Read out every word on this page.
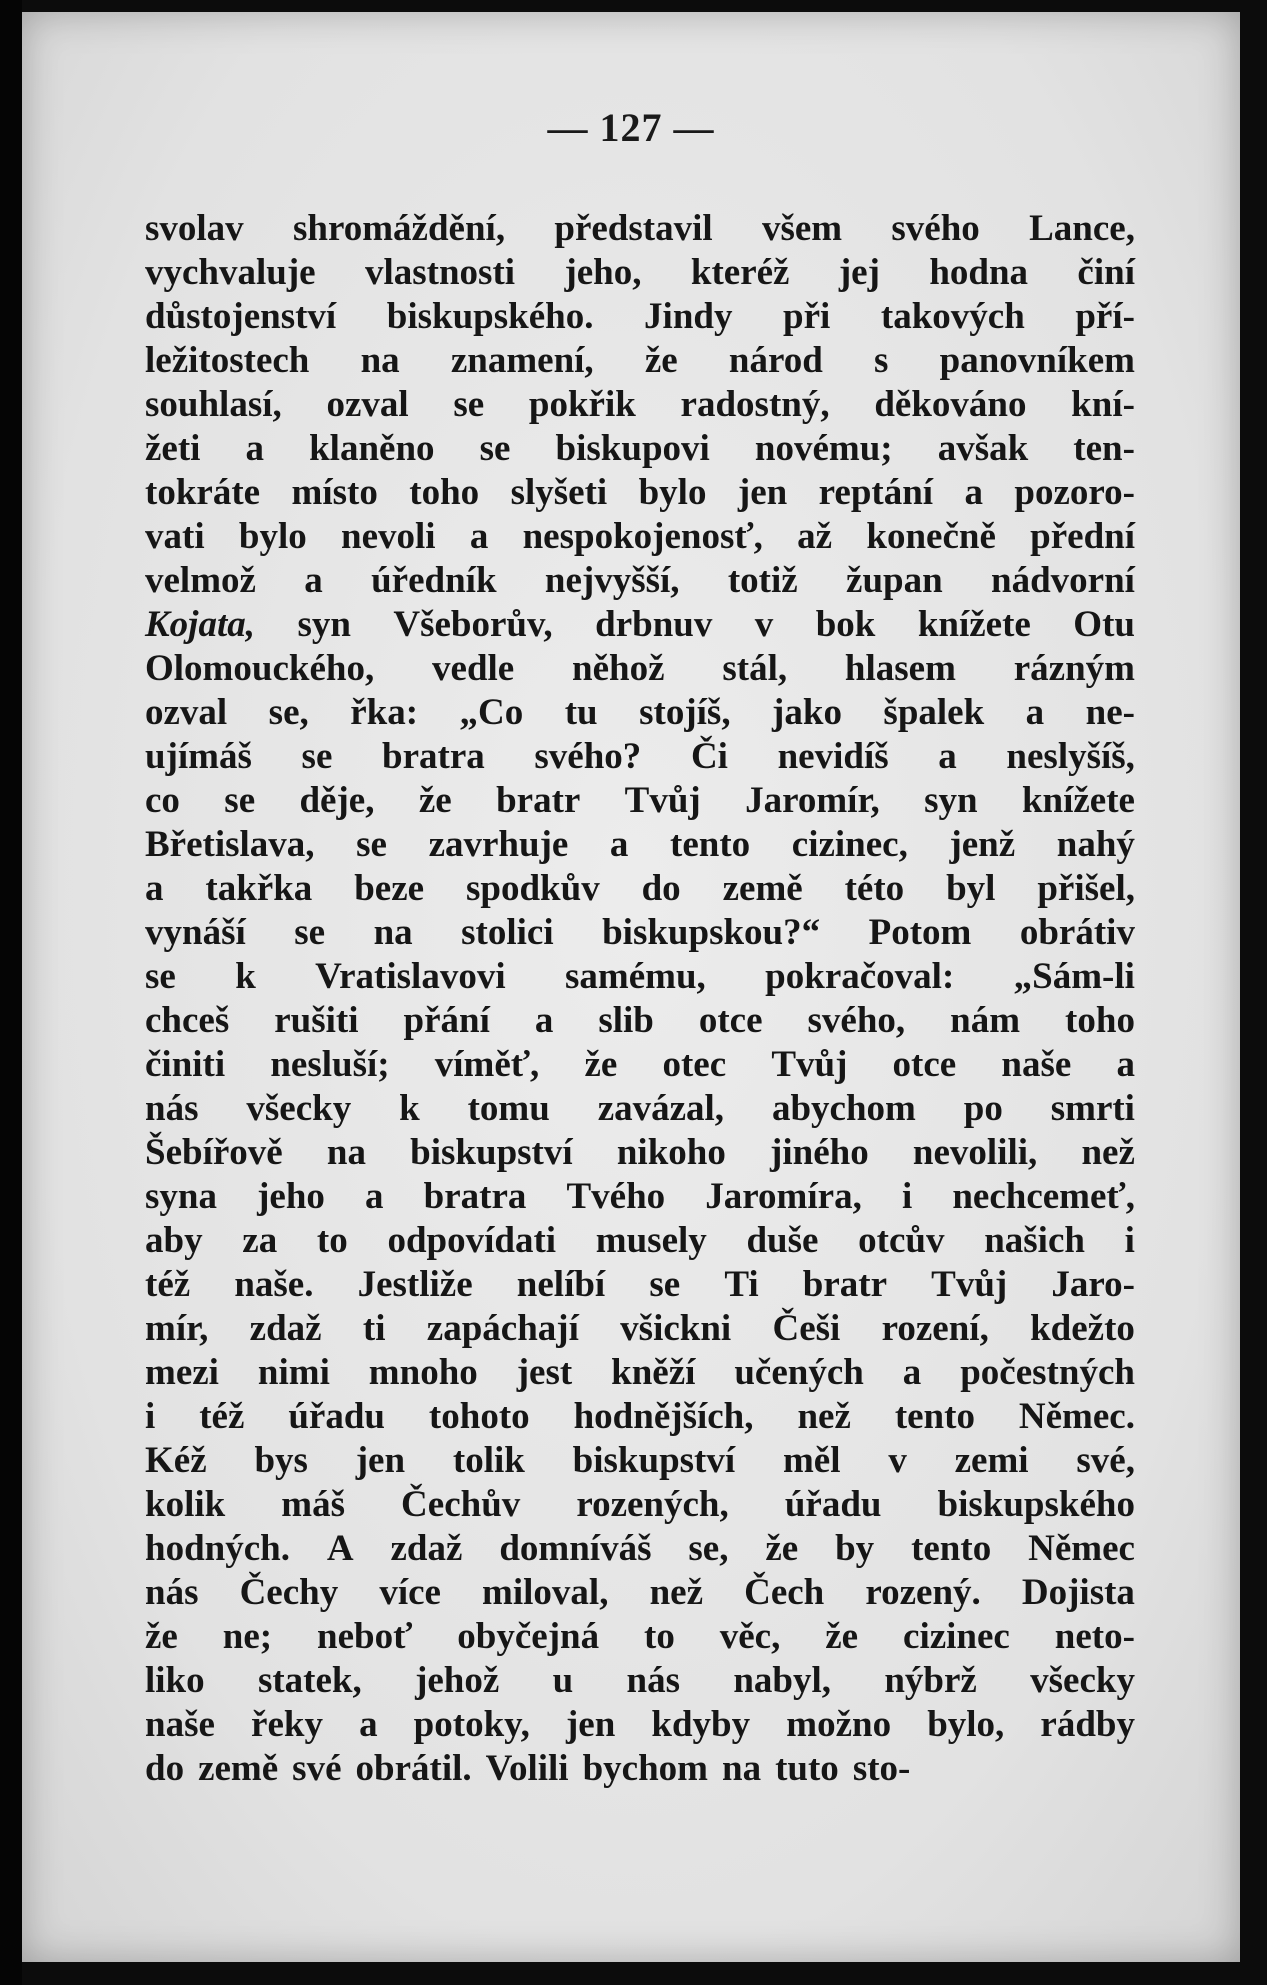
— 127 —
svolav shromáždění, představil všem svého Lance,
vychvaluje vlastnosti jeho, kteréž jej hodna činí
důstojenství biskupského. Jindy při takových pří-
ležitostech na znamení, že národ s panovníkem
souhlasí, ozval se pokřik radostný, děkováno kní-
žeti a klaněno se biskupovi novému; avšak ten-
tokráte místo toho slyšeti bylo jen reptání a pozoro-
vati bylo nevoli a nespokojenosť, až konečně přední
velmož a úředník nejvyšší, totiž župan nádvorní
Kojata, syn Všeborův, drbnuv v bok knížete Otu
Olomouckého, vedle něhož stál, hlasem rázným
ozval se, řka: „Co tu stojíš, jako špalek a ne-
ujímáš se bratra svého? Či nevidíš a neslyšíš,
co se děje, že bratr Tvůj Jaromír, syn knížete
Břetislava, se zavrhuje a tento cizinec, jenž nahý
a takřka beze spodkův do země této byl přišel,
vynáší se na stolici biskupskou?“ Potom obrátiv
se k Vratislavovi samému, pokračoval: „Sám-li
chceš rušiti přání a slib otce svého, nám toho
činiti nesluší; víměť, že otec Tvůj otce naše a
nás všecky k tomu zavázal, abychom po smrti
Šebířově na biskupství nikoho jiného nevolili, než
syna jeho a bratra Tvého Jaromíra, i nechcemeť,
aby za to odpovídati musely duše otcův našich i
též naše. Jestliže nelíbí se Ti bratr Tvůj Jaro-
mír, zdaž ti zapáchají všickni Češi rození, kdežto
mezi nimi mnoho jest kněží učených a počestných
i též úřadu tohoto hodnějších, než tento Němec.
Kéž bys jen tolik biskupství měl v zemi své,
kolik máš Čechův rozených, úřadu biskupského
hodných. A zdaž domníváš se, že by tento Němec
nás Čechy více miloval, než Čech rozený. Dojista
že ne; neboť obyčejná to věc, že cizinec neto-
liko statek, jehož u nás nabyl, nýbrž všecky
naše řeky a potoky, jen kdyby možno bylo, rádby
do země své obrátil. Volili bychom na tuto sto-
